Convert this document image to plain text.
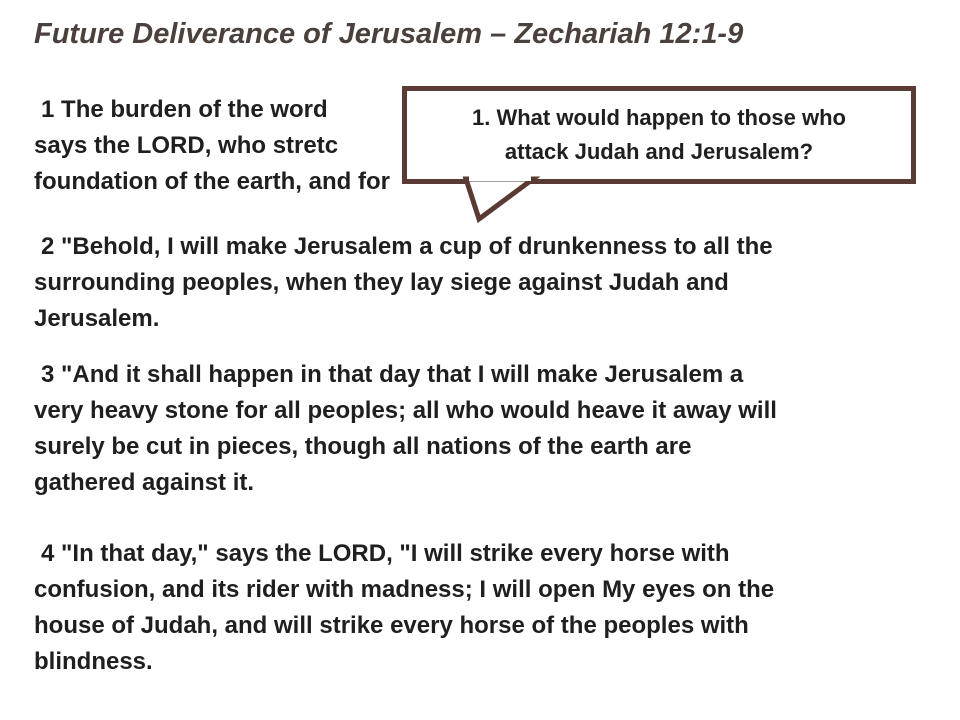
Future Deliverance of Jerusalem – Zechariah 12:1-9
1 The burden of the word
says the LORD, who stretc
foundation of the earth, and for
2 "Behold, I will make Jerusalem a cup of drunkenness to all the
surrounding peoples, when they lay siege against Judah and
Jerusalem.
3 "And it shall happen in that day that I will make Jerusalem a
very heavy stone for all peoples; all who would heave it away will
surely be cut in pieces, though all nations of the earth are
gathered against it.
4 "In that day," says the LORD, "I will strike every horse with
confusion, and its rider with madness; I will open My eyes on the
house of Judah, and will strike every horse of the peoples with
blindness.
1. What would happen to those who
attack Judah and Jerusalem?
